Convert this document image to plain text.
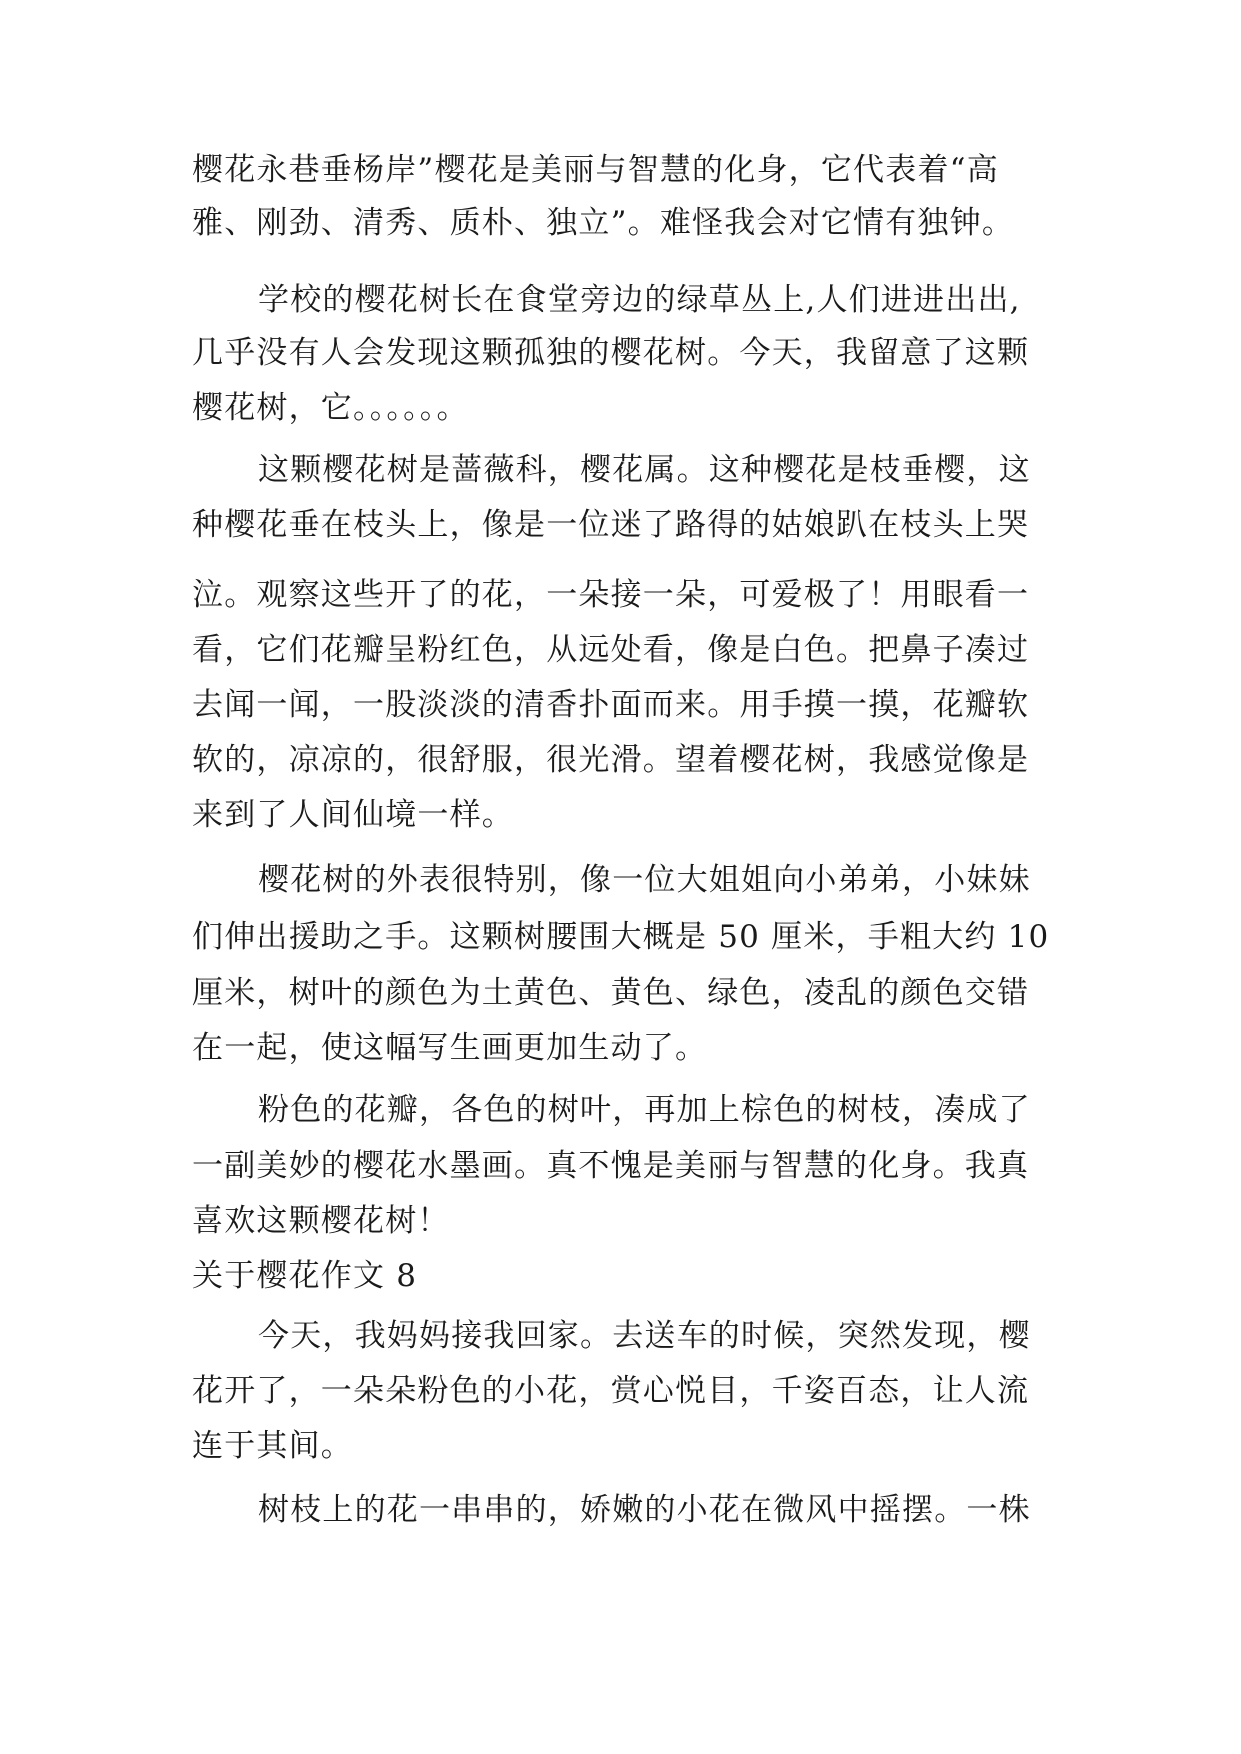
樱花永巷垂杨岸”樱花是美丽与智慧的化身，它代表着“高
雅、刚劲、清秀、质朴、独立”。难怪我会对它情有独钟。
学校的樱花树长在食堂旁边的绿草丛上,人们进进出出,
几乎没有人会发现这颗孤独的樱花树。今天，我留意了这颗
樱花树，它。。。。。。
这颗樱花树是蔷薇科，樱花属。这种樱花是枝垂樱，这
种樱花垂在枝头上，像是一位迷了路得的姑娘趴在枝头上哭
泣。观察这些开了的花，一朵接一朵，可爱极了！用眼看一
看，它们花瓣呈粉红色，从远处看，像是白色。把鼻子凑过
去闻一闻，一股淡淡的清香扑面而来。用手摸一摸，花瓣软
软的，凉凉的，很舒服，很光滑。望着樱花树，我感觉像是
来到了人间仙境一样。
樱花树的外表很特别，像一位大姐姐向小弟弟，小妹妹
们伸出援助之手。这颗树腰围大概是 50 厘米，手粗大约 10
厘米，树叶的颜色为土黄色、黄色、绿色，凌乱的颜色交错
在一起，使这幅写生画更加生动了。
粉色的花瓣，各色的树叶，再加上棕色的树枝，凑成了
一副美妙的樱花水墨画。真不愧是美丽与智慧的化身。我真
喜欢这颗樱花树！
关于樱花作文 8
今天，我妈妈接我回家。去送车的时候，突然发现，樱
花开了，一朵朵粉色的小花，赏心悦目，千姿百态，让人流
连于其间。
树枝上的花一串串的，娇嫩的小花在微风中摇摆。一株
